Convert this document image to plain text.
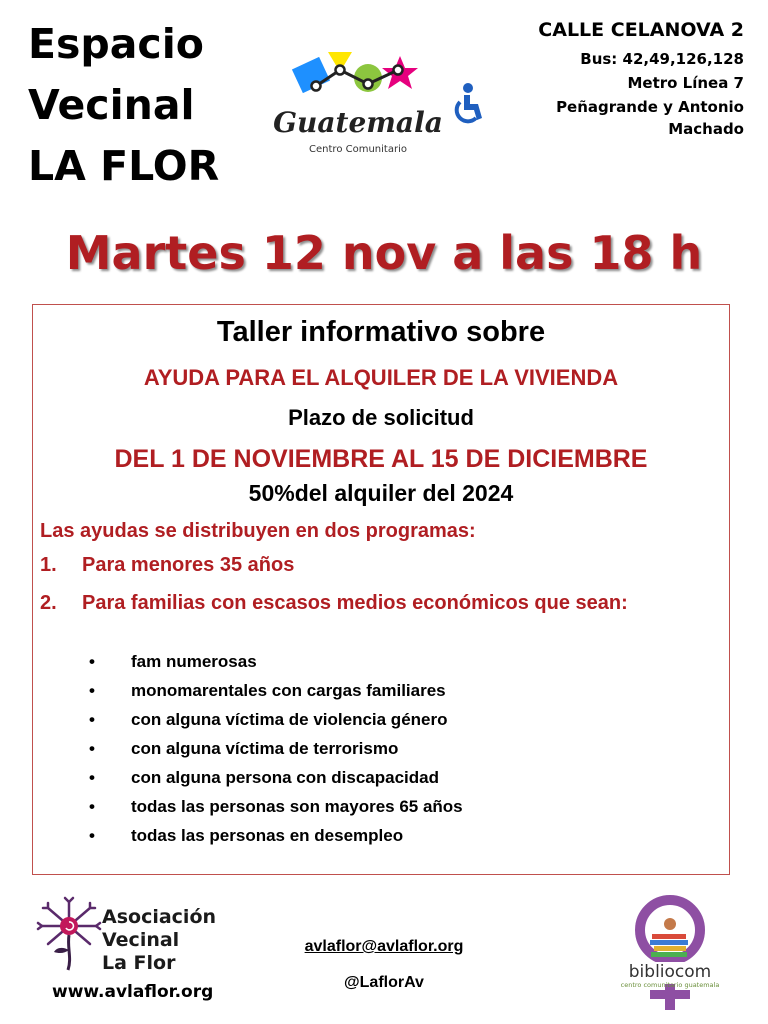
Espacio
Vecinal
LA FLOR
Guatemala
Centro Comunitario
CALLE CELANOVA 2
Bus: 42,49,126,128
Metro Línea 7
Peñagrande y Antonio
Machado
Martes 12 nov a las 18 h
Taller informativo sobre
AYUDA PARA EL ALQUILER DE LA VIVIENDA
Plazo de solicitud
DEL 1 DE NOVIEMBRE AL 15 DE DICIEMBRE
50%del alquiler del 2024
Las ayudas se distribuyen en dos programas:
1. Para menores 35 años
2. Para familias con escasos medios económicos que sean:
• fam numerosas
• monomarentales con cargas familiares
• con alguna víctima de violencia género
• con alguna víctima de terrorismo
• con alguna persona con discapacidad
• todas las personas son mayores 65 años
• todas las personas en desempleo
Asociación
Vecinal
La Flor
www.avlaflor.org
avlaflor@avlaflor.org
@LaflorAv
bibliocom
centro comunitario guatemala
